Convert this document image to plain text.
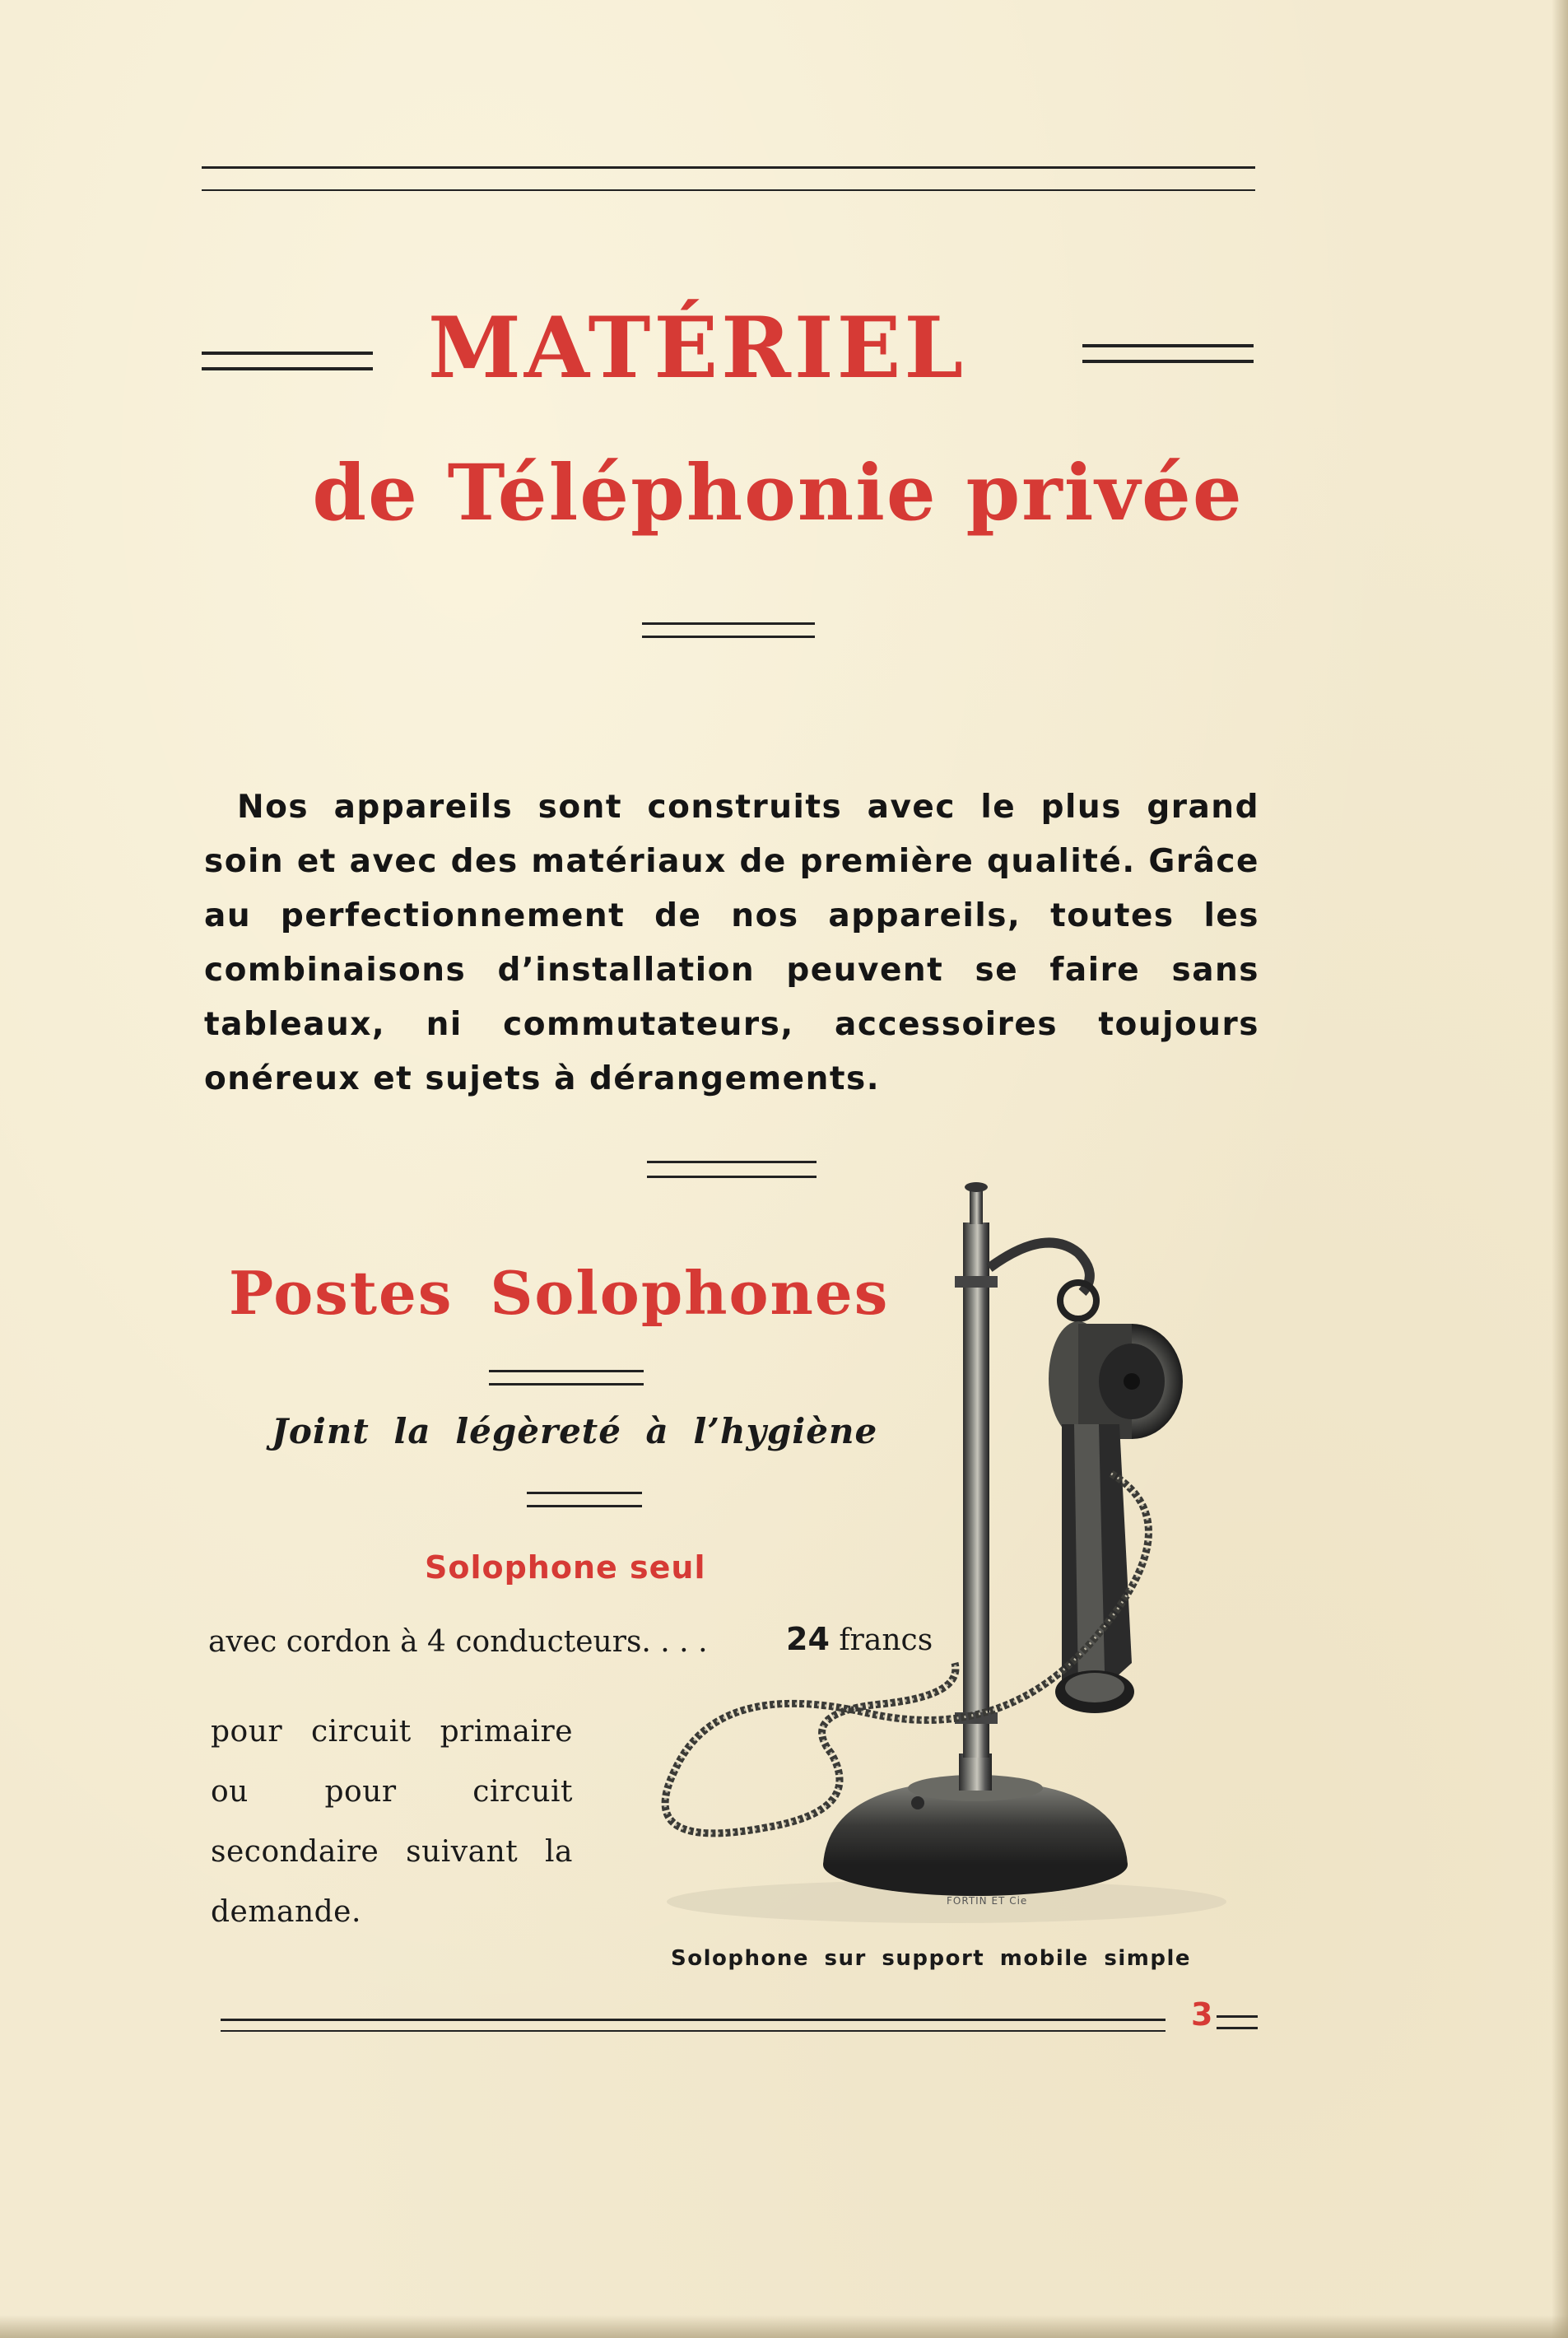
MATÉRIEL
de Téléphonie privée

Nos appareils sont construits avec le plus grand soin et avec des matériaux de première qualité. Grâce au perfectionnement de nos appareils, toutes les combinaisons d’installation peuvent se faire sans tableaux, ni commutateurs, accessoires toujours onéreux et sujets à dérangements.

Postes Solophones
Joint la légèreté à l’hygiène
Solophone seul
avec cordon à 4 conducteurs. . . .	24 francs

pour circuit primaire ou pour circuit secondaire suivant la demande.	FORTIN ET Cie
Solophone sur support mobile simple
3
